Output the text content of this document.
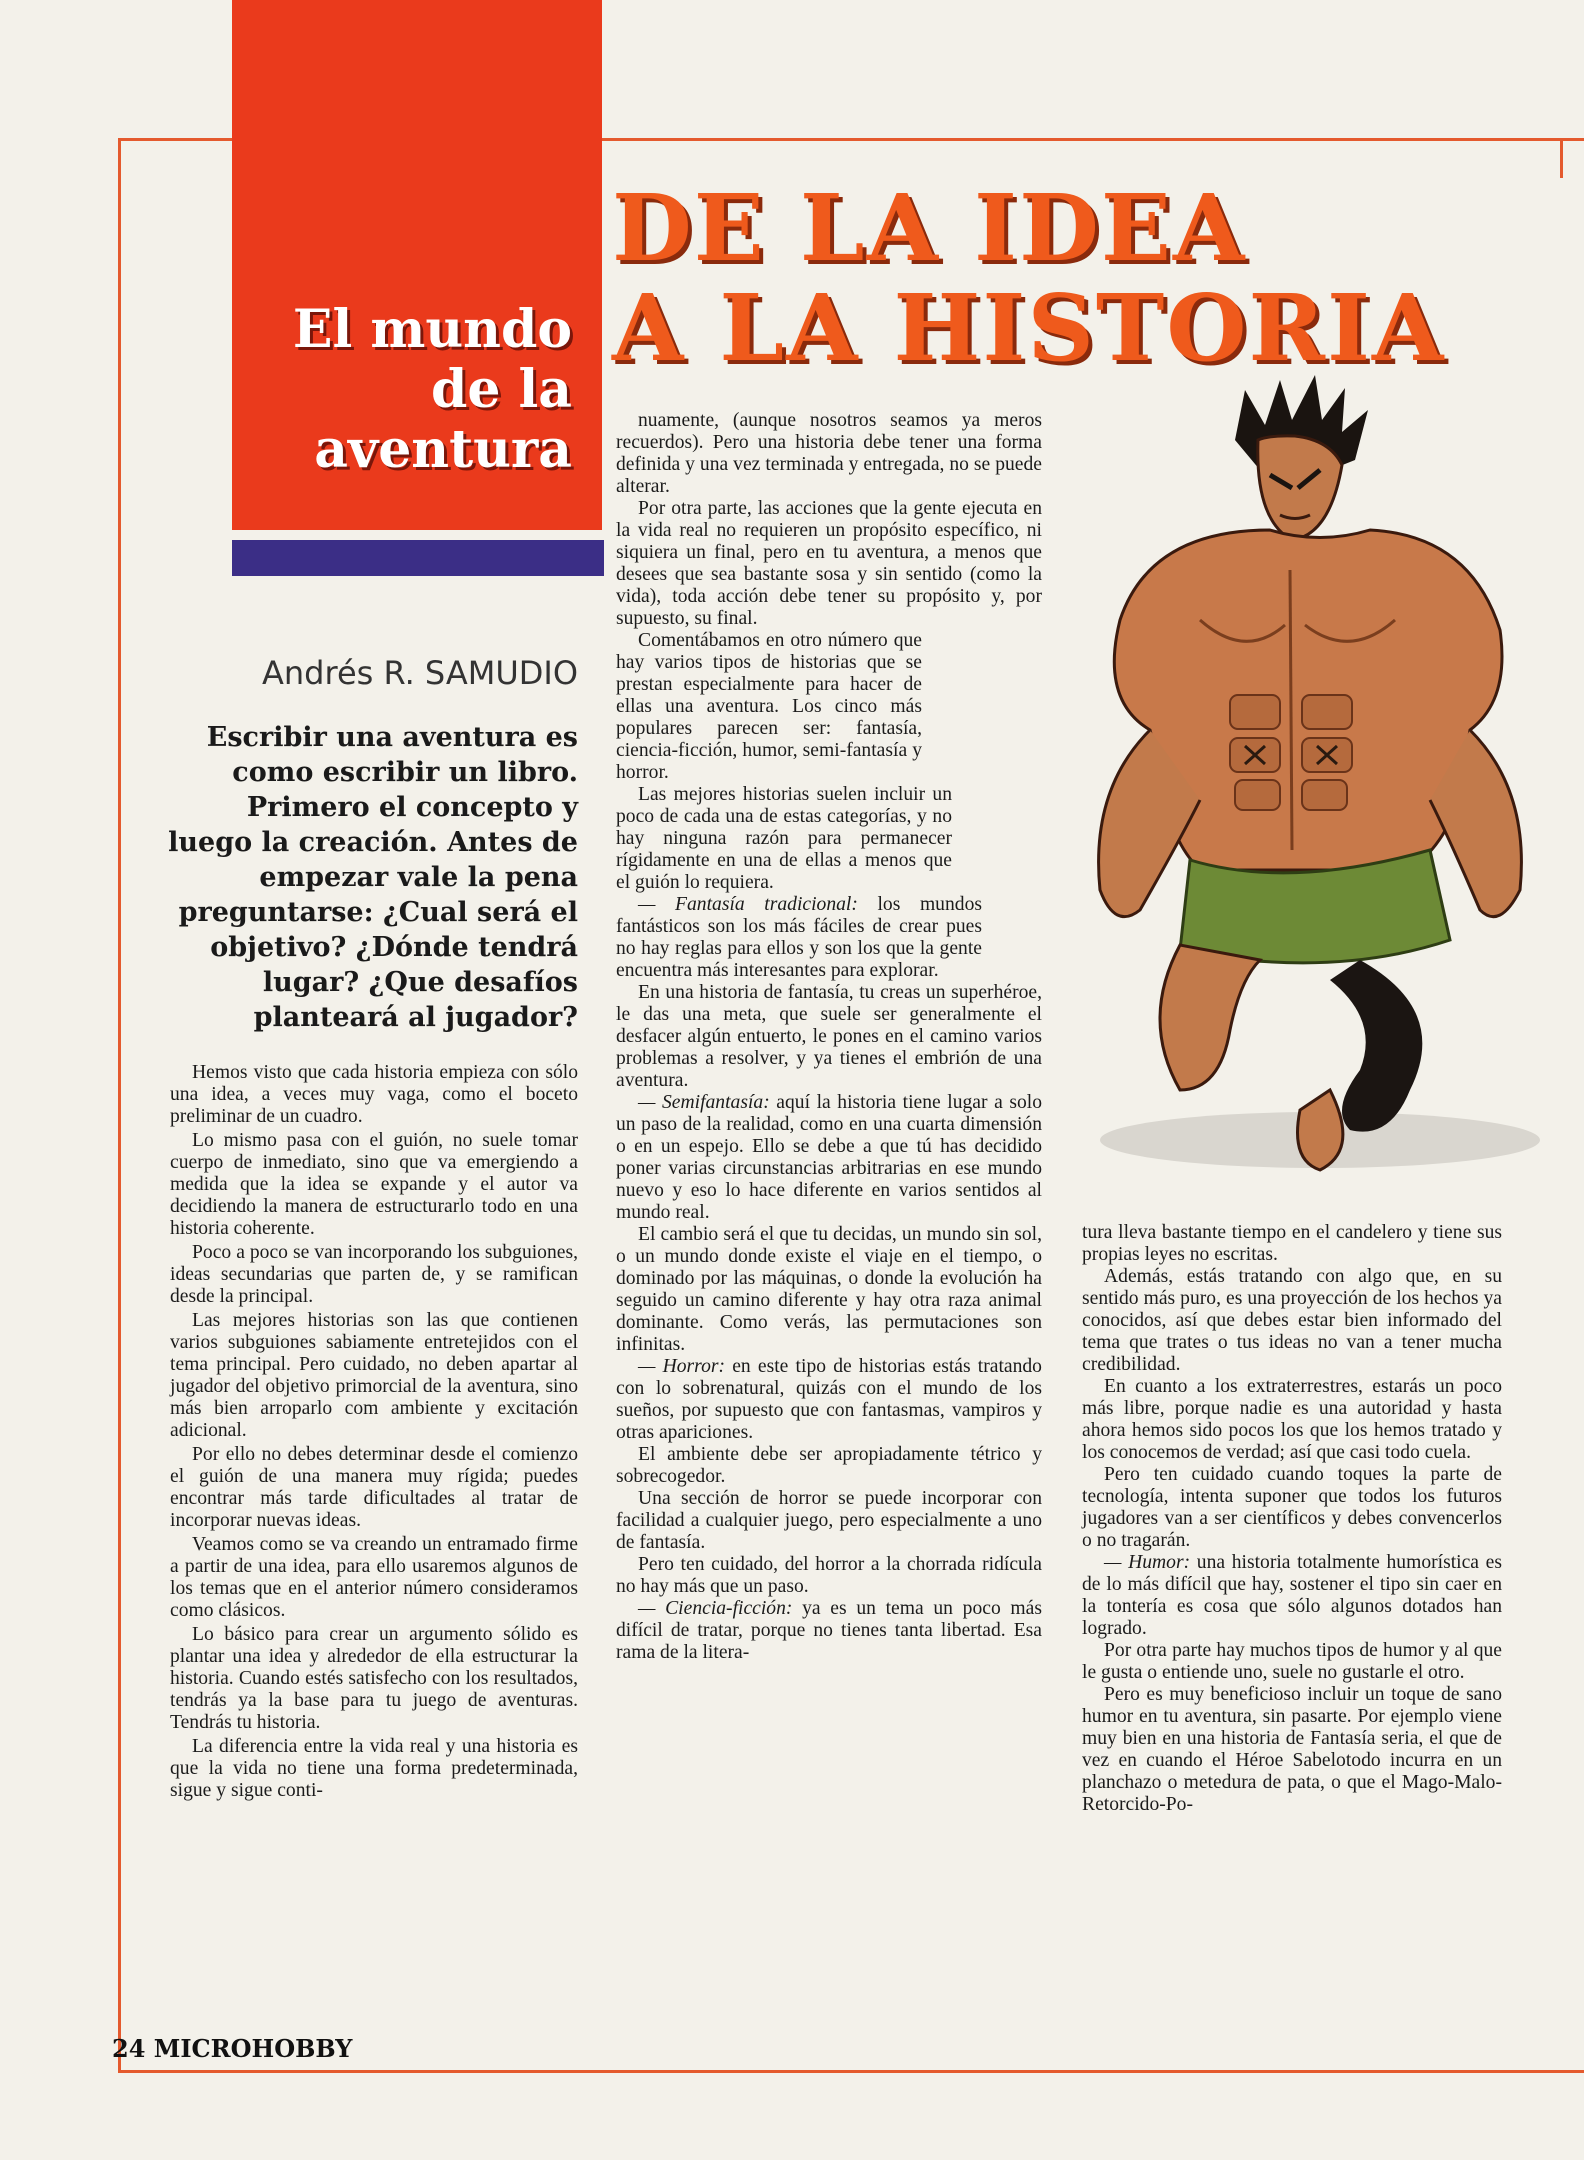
El mundo
de la
aventura
DE LA IDEA
A LA HISTORIA
Andrés R. SAMUDIO

Escribir una aventura es como escribir un libro. Primero el concepto y luego la creación. Antes de empezar vale la pena preguntarse: ¿Cual será el objetivo? ¿Dónde tendrá lugar? ¿Que desafíos planteará al jugador?

Hemos visto que cada historia empieza con sólo una idea, a veces muy vaga, como el boceto preliminar de un cuadro.

Lo mismo pasa con el guión, no suele tomar cuerpo de inmediato, sino que va emergiendo a medida que la idea se expande y el autor va decidiendo la manera de estructurarlo todo en una historia coherente.

Poco a poco se van incorporando los subguiones, ideas secundarias que parten de, y se ramifican desde la principal.

Las mejores historias son las que contienen varios subguiones sabiamente entretejidos con el tema principal. Pero cuidado, no deben apartar al jugador del objetivo primorcial de la aventura, sino más bien arroparlo com ambiente y excitación adicional.

Por ello no debes determinar desde el comienzo el guión de una manera muy rígida; puedes encontrar más tarde dificultades al tratar de incorporar nuevas ideas.

Veamos como se va creando un entramado firme a partir de una idea, para ello usaremos algunos de los temas que en el anterior número consideramos como clásicos.

Lo básico para crear un argumento sólido es plantar una idea y alrededor de ella estructurar la historia. Cuando estés satisfecho con los resultados, tendrás ya la base para tu juego de aventuras. Tendrás tu historia.

La diferencia entre la vida real y una historia es que la vida no tiene una forma predeterminada, sigue y sigue conti-

nuamente, (aunque nosotros seamos ya meros recuerdos). Pero una historia debe tener una forma definida y una vez terminada y entregada, no se puede alterar.

Por otra parte, las acciones que la gente ejecuta en la vida real no requieren un propósito específico, ni siquiera un final, pero en tu aventura, a menos que desees que sea bastante sosa y sin sentido (como la vida), toda acción debe tener su propósito y, por supuesto, su final.

Comentábamos en otro número que hay varios tipos de historias que se prestan especialmente para hacer de ellas una aventura. Los cinco más populares parecen ser: fantasía, ciencia-ficción, humor, semi-fantasía y horror.

Las mejores historias suelen incluir un poco de cada una de estas categorías, y no hay ninguna razón para permanecer rígidamente en una de ellas a menos que el guión lo requiera.

— Fantasía tradicional: los mundos fantásticos son los más fáciles de crear pues no hay reglas para ellos y son los que la gente encuentra más interesantes para explorar.

En una historia de fantasía, tu creas un superhéroe, le das una meta, que suele ser generalmente el desfacer algún entuerto, le pones en el camino varios problemas a resolver, y ya tienes el embrión de una aventura.

— Semifantasía: aquí la historia tiene lugar a solo un paso de la realidad, como en una cuarta dimensión o en un espejo. Ello se debe a que tú has decidido poner varias circunstancias arbitrarias en ese mundo nuevo y eso lo hace diferente en varios sentidos al mundo real.

El cambio será el que tu decidas, un mundo sin sol, o un mundo donde existe el viaje en el tiempo, o dominado por las máquinas, o donde la evolución ha seguido un camino diferente y hay otra raza animal dominante. Como verás, las permutaciones son infinitas.

— Horror: en este tipo de historias estás tratando con lo sobrenatural, quizás con el mundo de los sueños, por supuesto que con fantasmas, vampiros y otras apariciones.

El ambiente debe ser apropiadamente tétrico y sobrecogedor.

Una sección de horror se puede incorporar con facilidad a cualquier juego, pero especialmente a uno de fantasía.

Pero ten cuidado, del horror a la chorrada ridícula no hay más que un paso.

— Ciencia-ficción: ya es un tema un poco más difícil de tratar, porque no tienes tanta libertad. Esa rama de la litera-

tura lleva bastante tiempo en el candelero y tiene sus propias leyes no escritas.

Además, estás tratando con algo que, en su sentido más puro, es una proyección de los hechos ya conocidos, así que debes estar bien informado del tema que trates o tus ideas no van a tener mucha credibilidad.

En cuanto a los extraterrestres, estarás un poco más libre, porque nadie es una autoridad y hasta ahora hemos sido pocos los que los hemos tratado y los conocemos de verdad; así que casi todo cuela.

Pero ten cuidado cuando toques la parte de tecnología, intenta suponer que todos los futuros jugadores van a ser científicos y debes convencerlos o no tragarán.

— Humor: una historia totalmente humorística es de lo más difícil que hay, sostener el tipo sin caer en la tontería es cosa que sólo algunos dotados han logrado.

Por otra parte hay muchos tipos de humor y al que le gusta o entiende uno, suele no gustarle el otro.

Pero es muy beneficioso incluir un toque de sano humor en tu aventura, sin pasarte. Por ejemplo viene muy bien en una historia de Fantasía seria, el que de vez en cuando el Héroe Sabelotodo incurra en un planchazo o metedura de pata, o que el Mago-Malo-Retorcido-Po-

24 MICROHOBBY
